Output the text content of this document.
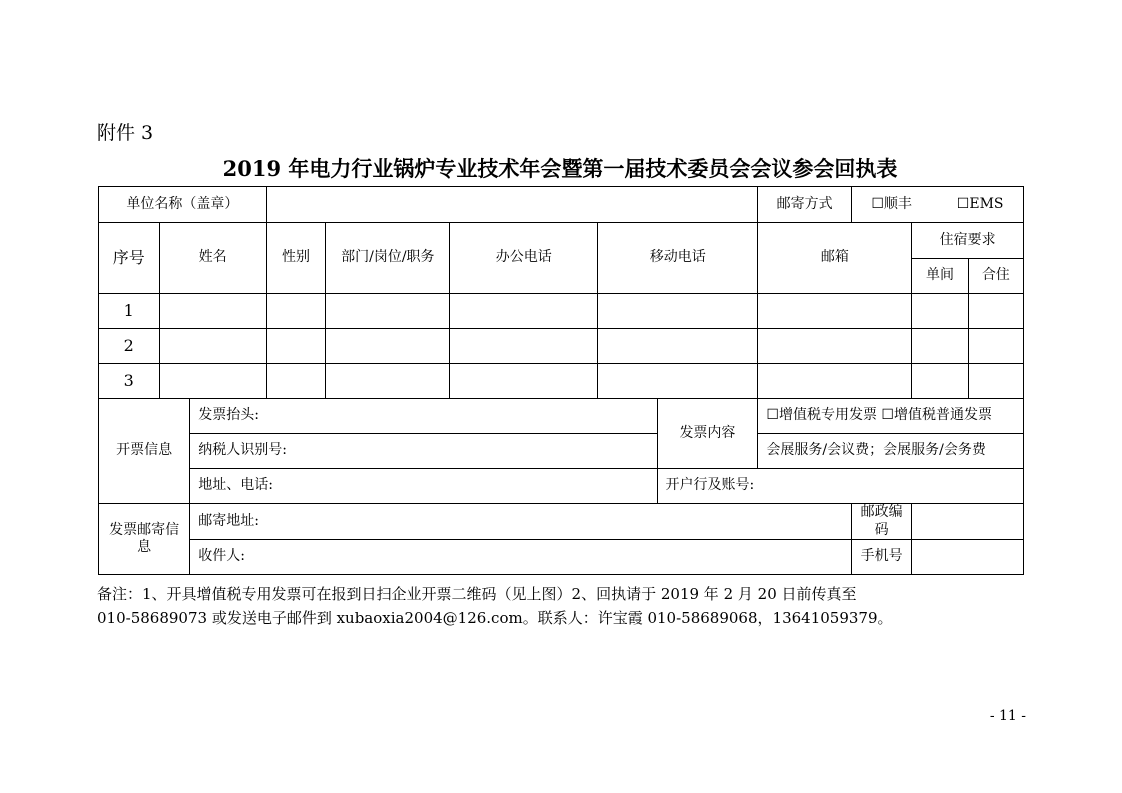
附件 3
2019 年电力行业锅炉专业技术年会暨第一届技术委员会会议参会回执表
单位名称（盖章）								邮寄方式	☐顺丰 ☐EMS		
序号	姓名		性别	部门/岗位/职务	办公电话	移动电话		邮箱		住宿要求	
										单间	合住
1											
2											
3											
开票信息		发票抬头:					发票内容	☐增值税专用发票 ☐增值税普通发票			
		纳税人识别号:						会展服务/会议费；会展服务/会务费			
		地址、电话:					开户行及账号:				
发票邮寄信息		邮寄地址:							邮政编码		
		收件人:							手机号		
备注：1、开具增值税专用发票可在报到日扫企业开票二维码（见上图）2、回执请于 2019 年 2 月 20 日前传真至
010-58689073 或发送电子邮件到 xubaoxia2004@126.com。联系人：许宝霞 010-58689068，13641059379。
- 11 -
